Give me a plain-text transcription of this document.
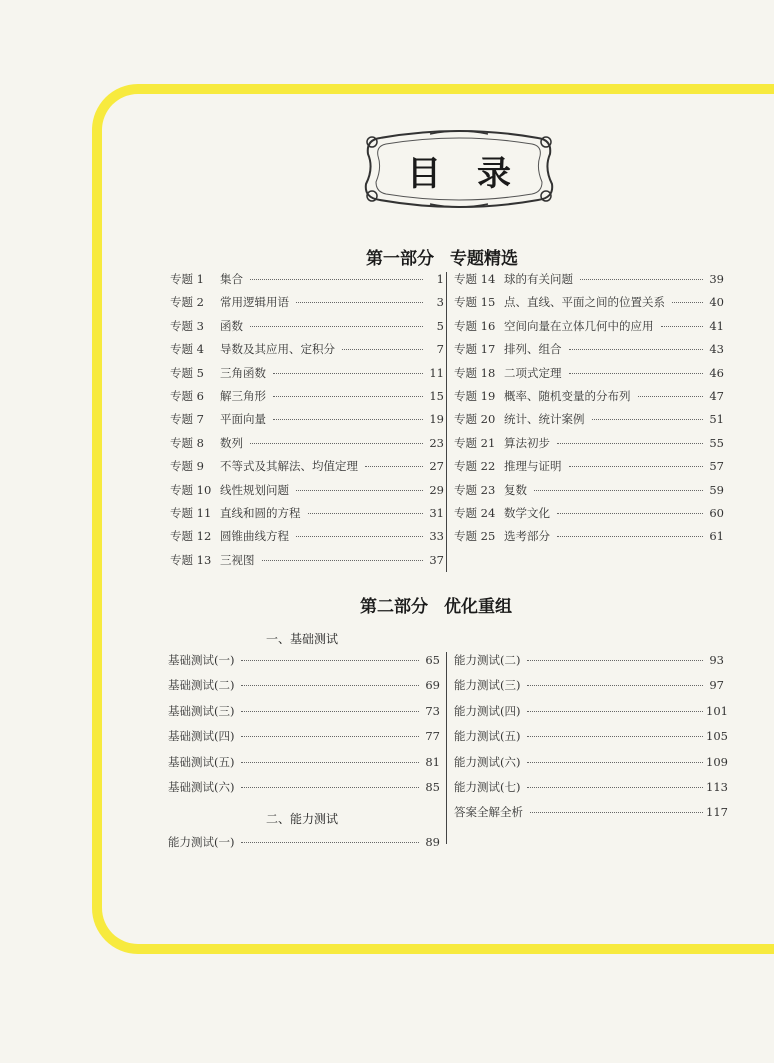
目录
第一部分 专题精选
专题 1	集合	1
专题 2	常用逻辑用语	3
专题 3	函数	5
专题 4	导数及其应用、定积分	7
专题 5	三角函数	11
专题 6	解三角形	15
专题 7	平面向量	19
专题 8	数列	23
专题 9	不等式及其解法、均值定理	27
专题 10 线性规划问题	29
专题 11 直线和圆的方程	31
专题 12 圆锥曲线方程	33
专题 13 三视图	37
专题 14 球的有关问题	39
专题 15 点、直线、平面之间的位置关系	40
专题 16 空间向量在立体几何中的应用	41
专题 17 排列、组合	43
专题 18 二项式定理	46
专题 19 概率、随机变量的分布列	47
专题 20 统计、统计案例	51
专题 21 算法初步	55
专题 22 推理与证明	57
专题 23 复数	59
专题 24 数学文化	60
专题 25 选考部分	61
第二部分 优化重组
一、基础测试
基础测试(一)	65
基础测试(二)	69
基础测试(三)	73
基础测试(四)	77
基础测试(五)	81
基础测试(六)	85
二、能力测试
能力测试(一)	89
能力测试(二)	93
能力测试(三)	97
能力测试(四)	101
能力测试(五)	105
能力测试(六)	109
能力测试(七)	113
答案全解全析	117
